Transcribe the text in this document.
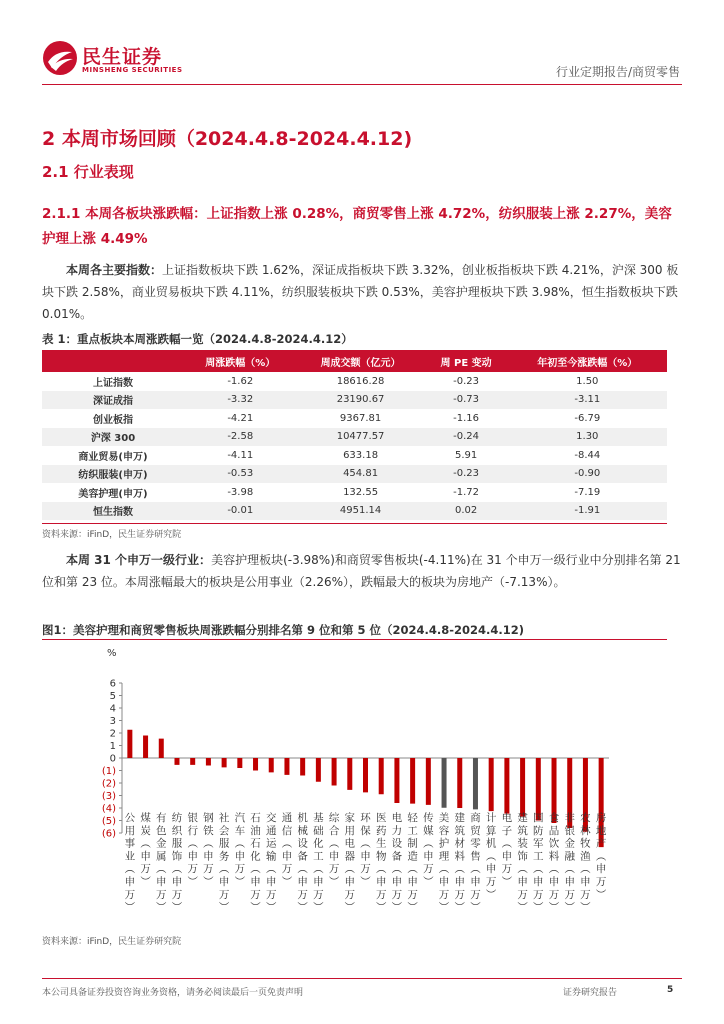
民生证券
MINSHENG SECURITIES	行业定期报告/商贸零售
2 本周市场回顾（2024.4.8-2024.4.12)
2.1 行业表现
2.1.1 本周各板块涨跌幅：上证指数上涨 0.28%，商贸零售上涨 4.72%，纺织服装上涨 2.27%，美容护理上涨 4.49%
本周各主要指数：上证指数板块下跌 1.62%，深证成指板块下跌 3.32%，创业板指板块下跌 4.21%，沪深 300 板块下跌 2.58%，商业贸易板块下跌 4.11%，纺织服装板块下跌 0.53%，美容护理板块下跌 3.98%，恒生指数板块下跌 0.01%。
表 1：重点板块本周涨跌幅一览（2024.4.8-2024.4.12）
	周涨跌幅（%）	周成交额（亿元）	周 PE 变动	年初至今涨跌幅（%）
上证指数	-1.62	18616.28	-0.23	1.50
深证成指	-3.32	23190.67	-0.73	-3.11
创业板指	-4.21	9367.81	-1.16	-6.79
沪深 300	-2.58	10477.57	-0.24	1.30
商业贸易(申万)	-4.11	633.18	5.91	-8.44
纺织服装(申万)	-0.53	454.81	-0.23	-0.90
美容护理(申万)	-3.98	132.55	-1.72	-7.19
恒生指数	-0.01	4951.14	0.02	-1.91
资料来源：iFinD，民生证券研究院
本周 31 个申万一级行业：美容护理板块(-3.98%)和商贸零售板块(-4.11%)在 31 个申万一级行业中分别排名第 21 位和第 23 位。本周涨幅最大的板块是公用事业（2.26%），跌幅最大的板块为房地产（-7.13%）。
图1：美容护理和商贸零售板块周涨跌幅分别排名第 9 位和第 5 位（2024.4.8-2024.4.12)
%
6
5
4
3
2
1
0
(1)
(2)
(3)
(4)
(5)
(6)
公用事业︵申万︶
煤炭︵申万︶
有色金属︵申万︶
纺织服饰︵申万︶
银行︵申万︶
钢铁︵申万︶
社会服务︵申万︶
汽车︵申万︶
石油石化︵申万︶
交通运输︵申万︶
通信︵申万︶
机械设备︵申万︶
基础化工︵申万︶
综合︵申万︶
家用电器︵申万︶
环保︵申万︶
医药生物︵申万︶
电力设备︵申万︶
轻工制造︵申万︶
传媒︵申万︶
美容护理︵申万︶
建筑材料︵申万︶
商贸零售︵申万︶
计算机︵申万︶
电子︵申万︶
建筑装饰︵申万︶
国防军工︵申万︶
食品饮料︵申万︶
非银金融︵申万︶
农林牧渔︵申万︶
房地产︵申万︶
资料来源：iFinD，民生证券研究院
本公司具备证券投资咨询业务资格，请务必阅读最后一页免责声明	证券研究报告	5
